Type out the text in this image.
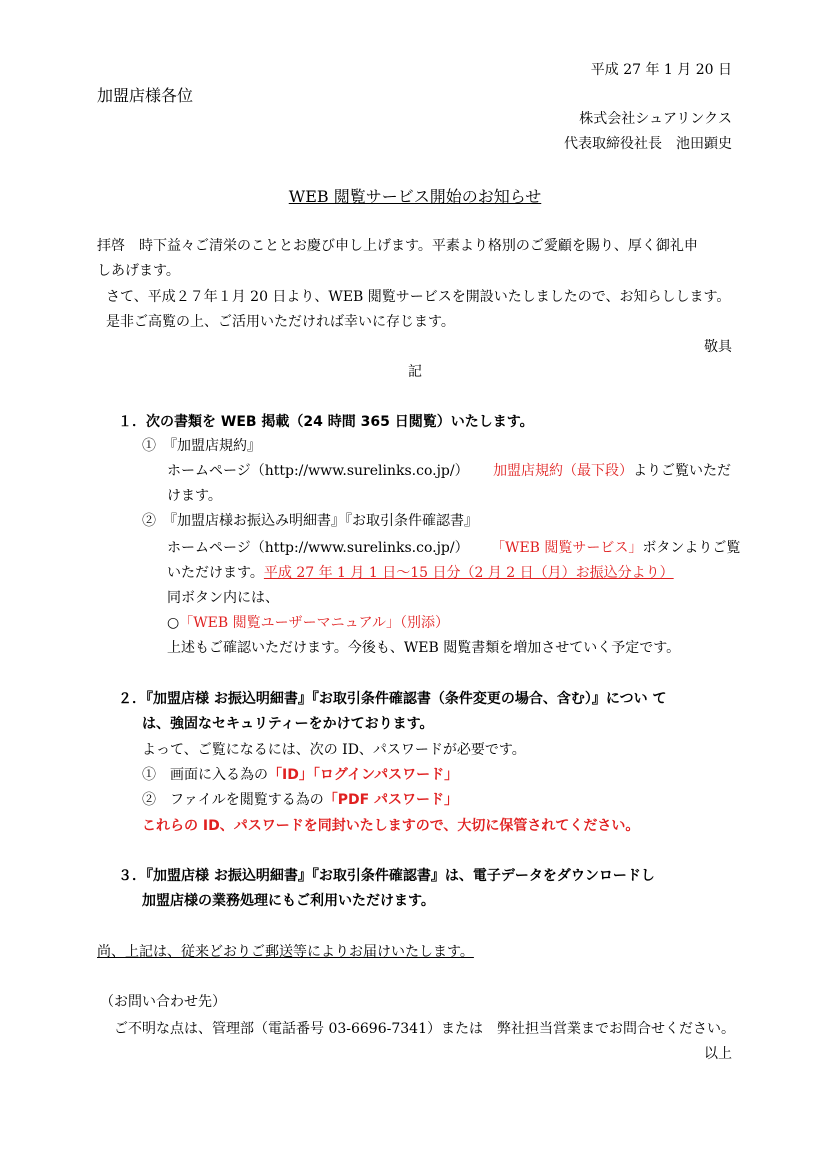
平成 27 年 1 月 20 日
加盟店様各位
株式会社シュアリンクス
代表取締役社長　池田顕史
WEB 閲覧サービス開始のお知らせ
拝啓　時下益々ご清栄のこととお慶び申し上げます。平素より格別のご愛顧を賜り、厚く御礼申
しあげます。
さて、平成２７年１月 20 日より、WEB 閲覧サービスを開設いたしましたので、お知らしします。
是非ご高覧の上、ご活用いただければ幸いに存じます。
敬具
記
１．次の書類を WEB 掲載（24 時間 365 日閲覧）いたします。
①　『加盟店規約』
ホームページ（http://www.surelinks.co.jp/） 加盟店規約（最下段）よりご覧いただ
けます。
②　『加盟店様お振込み明細書』『お取引条件確認書』
ホームページ（http://www.surelinks.co.jp/） 「WEB 閲覧サービス」ボタンよりご覧
いただけます。平成 27 年 1 月 1 日～15 日分（2 月 2 日（月）お振込分より）
同ボタン内には、
○「WEB 閲覧ユーザーマニュアル」（別添）
上述もご確認いただけます。今後も、WEB 閲覧書類を増加させていく予定です。
２．『加盟店様 お振込明細書』『お取引条件確認書（条件変更の場合、含む）』につい て
は、強固なセキュリティーをかけております。
よって、ご覧になるには、次の ID、パスワードが必要です。
①　画面に入る為の「ID」「ログインパスワード」
②　ファイルを閲覧する為の「PDF パスワード」
これらの ID、パスワードを同封いたしますので、大切に保管されてください。
３．『加盟店様 お振込明細書』『お取引条件確認書』は、電子データをダウンロードし
加盟店様の業務処理にもご利用いただけます。
尚、上記は、従来どおりご郵送等によりお届けいたします。
（お問い合わせ先）
ご不明な点は、管理部（電話番号 03-6696-7341）または　弊社担当営業までお問合せください。
以上
